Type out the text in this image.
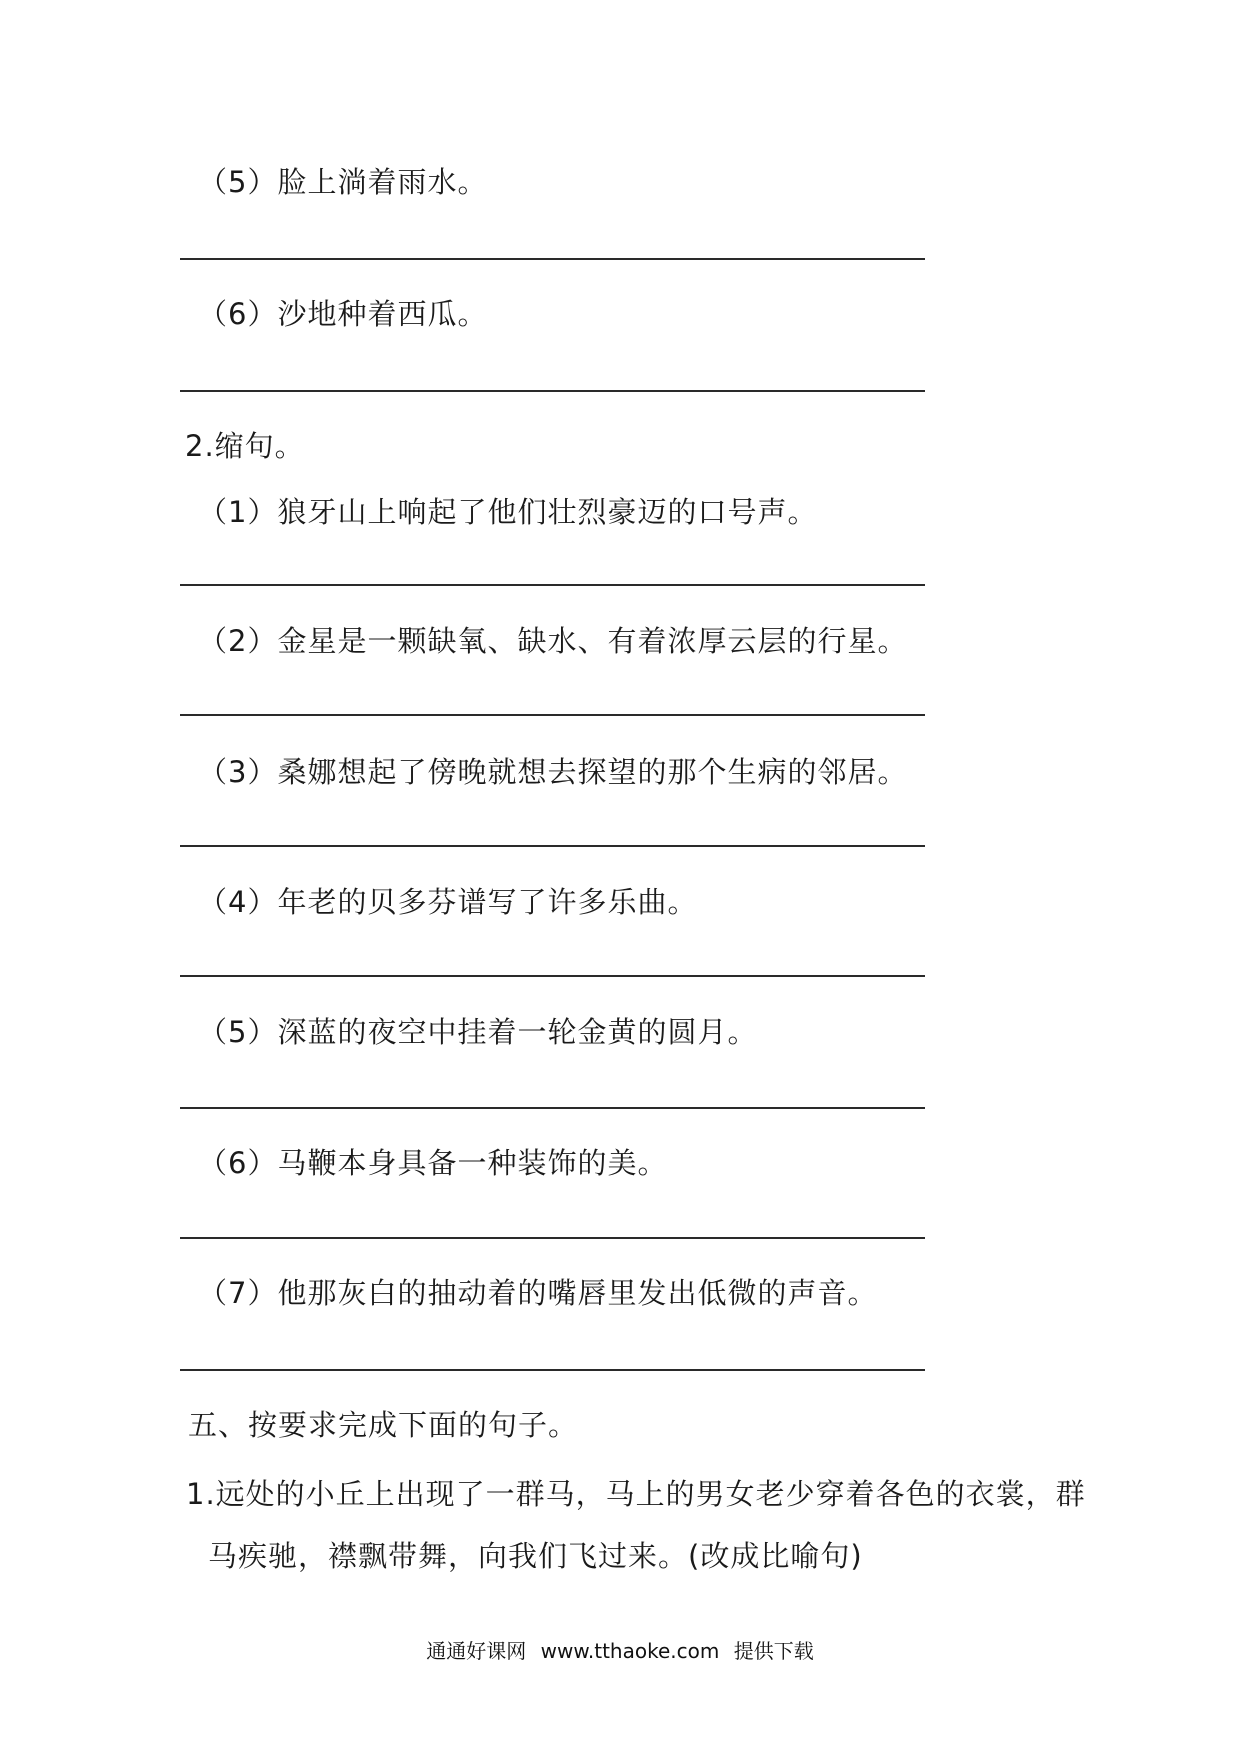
（5）脸上淌着雨水。
（6）沙地种着西瓜。
2.缩句。
（1）狼牙山上响起了他们壮烈豪迈的口号声。
（2）金星是一颗缺氧、缺水、有着浓厚云层的行星。
（3）桑娜想起了傍晚就想去探望的那个生病的邻居。
（4）年老的贝多芬谱写了许多乐曲。
（5）深蓝的夜空中挂着一轮金黄的圆月。
（6）马鞭本身具备一种装饰的美。
（7）他那灰白的抽动着的嘴唇里发出低微的声音。
五、按要求完成下面的句子。
1.远处的小丘上出现了一群马，马上的男女老少穿着各色的衣裳，群
马疾驰，襟飘带舞，向我们飞过来。(改成比喻句)
通通好课网 www.tthaoke.com 提供下载
